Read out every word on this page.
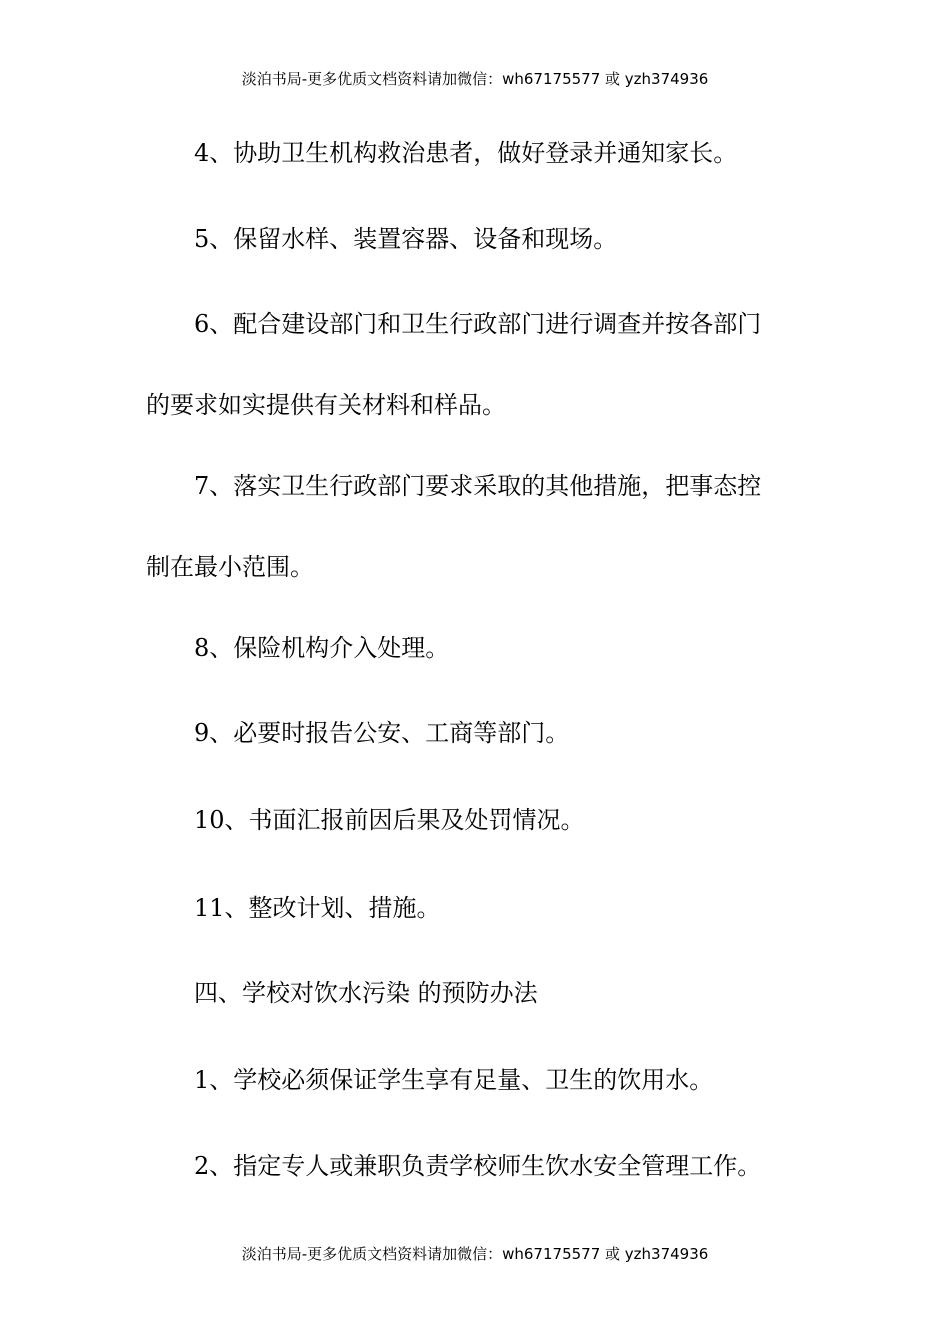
淡泊书局-更多优质文档资料请加微信：wh67175577 或 yzh374936
4、协助卫生机构救治患者，做好登录并通知家长。
5、保留水样、装置容器、设备和现场。
6、配合建设部门和卫生行政部门进行调查并按各部门
的要求如实提供有关材料和样品。
7、落实卫生行政部门要求采取的其他措施，把事态控
制在最小范围。
8、保险机构介入处理。
9、必要时报告公安、工商等部门。
10、书面汇报前因后果及处罚情况。
11、整改计划、措施。
四、学校对饮水污染 的预防办法
1、学校必须保证学生享有足量、卫生的饮用水。
2、指定专人或兼职负责学校师生饮水安全管理工作。
淡泊书局-更多优质文档资料请加微信：wh67175577 或 yzh374936
